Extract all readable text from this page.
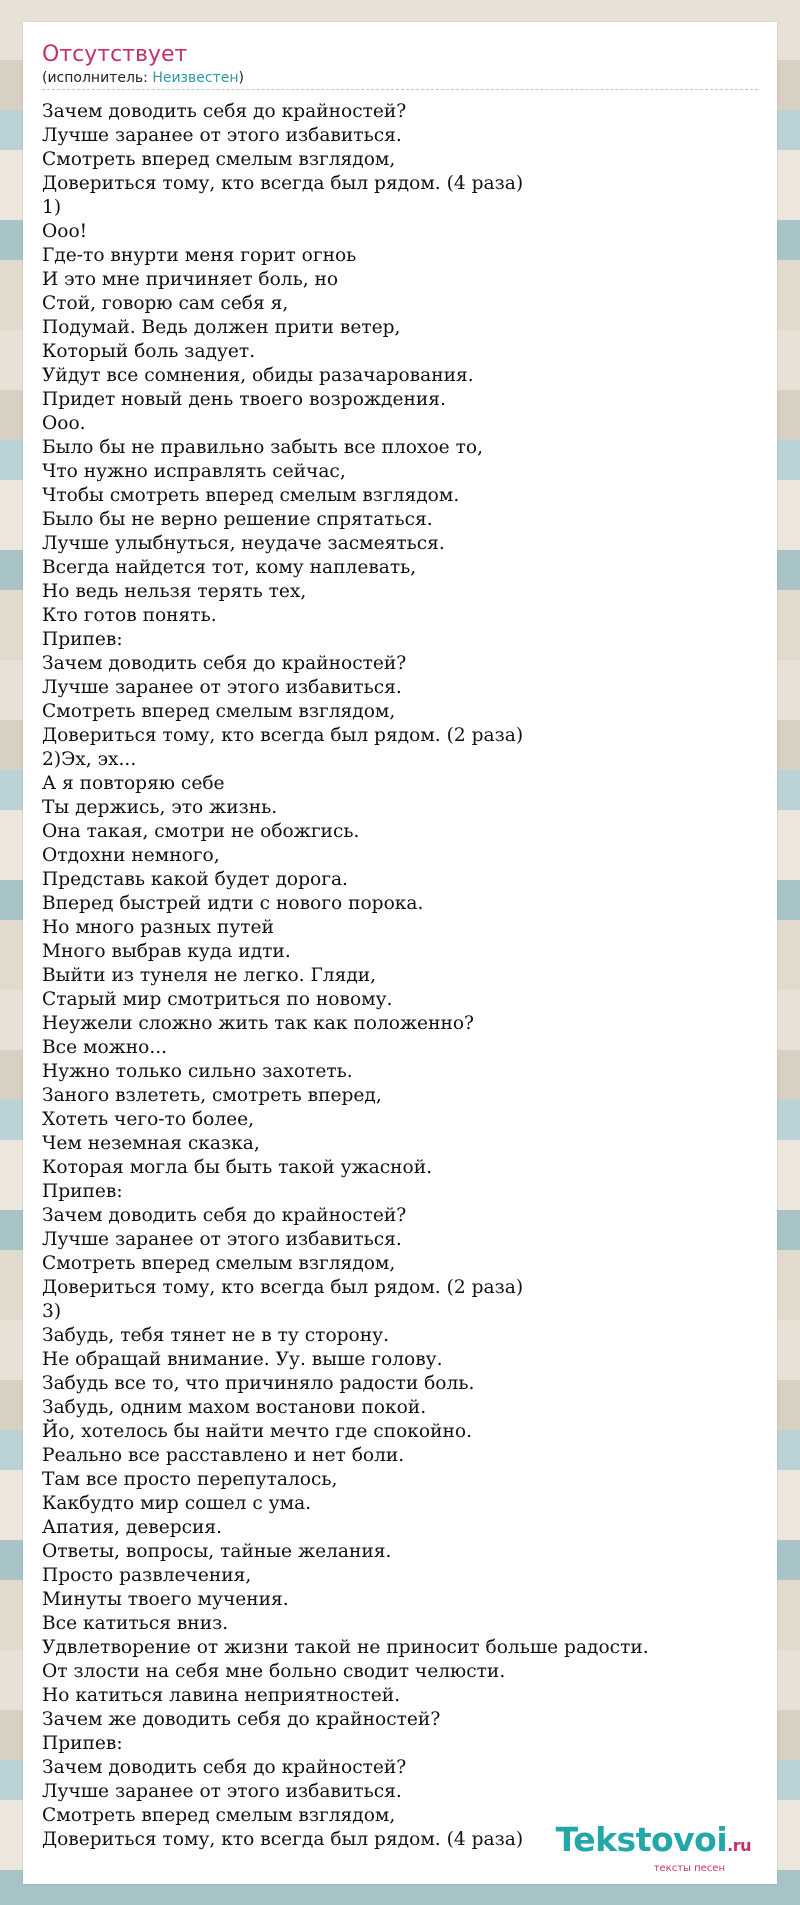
Отсутствует
(исполнитель: Неизвестен)
Зачем доводить себя до крайностей?
Лучше заранее от этого избавиться.
Смотреть вперед смелым взглядом,
Довериться тому, кто всегда был рядом. (4 раза)
1)
Ооо!
Где-то внурти меня горит огноь
И это мне причиняет боль, но
Стой, говорю сам себя я,
Подумай. Ведь должен прити ветер,
Который боль задует.
Уйдут все сомнения, обиды разачарования.
Придет новый день твоего возрождения.
Ооо.
Было бы не правильно забыть все плохое то,
Что нужно исправлять сейчас,
Чтобы смотреть вперед смелым взглядом.
Было бы не верно решение спрятаться.
Лучше улыбнуться, неудаче засмеяться.
Всегда найдется тот, кому наплевать,
Но ведь нельзя терять тех,
Кто готов понять.
Припев:
Зачем доводить себя до крайностей?
Лучше заранее от этого избавиться.
Смотреть вперед смелым взглядом,
Довериться тому, кто всегда был рядом. (2 раза)
2)Эх, эх...
А я повторяю себе
Ты держись, это жизнь.
Она такая, смотри не обожгись.
Отдохни немного,
Представь какой будет дорога.
Вперед быстрей идти с нового порока.
Но много разных путей
Много выбрав куда идти.
Выйти из тунеля не легко. Гляди,
Старый мир смотриться по новому.
Неужели сложно жить так как положенно?
Все можно...
Нужно только сильно захотеть.
Заного взлететь, смотреть вперед,
Хотеть чего-то более,
Чем неземная сказка,
Которая могла бы быть такой ужасной.
Припев:
Зачем доводить себя до крайностей?
Лучше заранее от этого избавиться.
Смотреть вперед смелым взглядом,
Довериться тому, кто всегда был рядом. (2 раза)
3)
Забудь, тебя тянет не в ту сторону.
Не обращай внимание. Уу. выше голову.
Забудь все то, что причиняло радости боль.
Забудь, одним махом востанови покой.
Йо, хотелось бы найти мечто где спокойно.
Реально все расставлено и нет боли.
Там все просто перепуталось,
Какбудто мир сошел с ума.
Апатия, деверсия.
Ответы, вопросы, тайные желания.
Просто развлечения,
Минуты твоего мучения.
Все катиться вниз.
Удвлетворение от жизни такой не приносит больше радости.
От злости на себя мне больно сводит челюсти.
Но катиться лавина неприятностей.
Зачем же доводить себя до крайностей?
Припев:
Зачем доводить себя до крайностей?
Лучше заранее от этого избавиться.
Смотреть вперед смелым взглядом,
Довериться тому, кто всегда был рядом. (4 раза) Tekstovoi.ru
тексты песен
